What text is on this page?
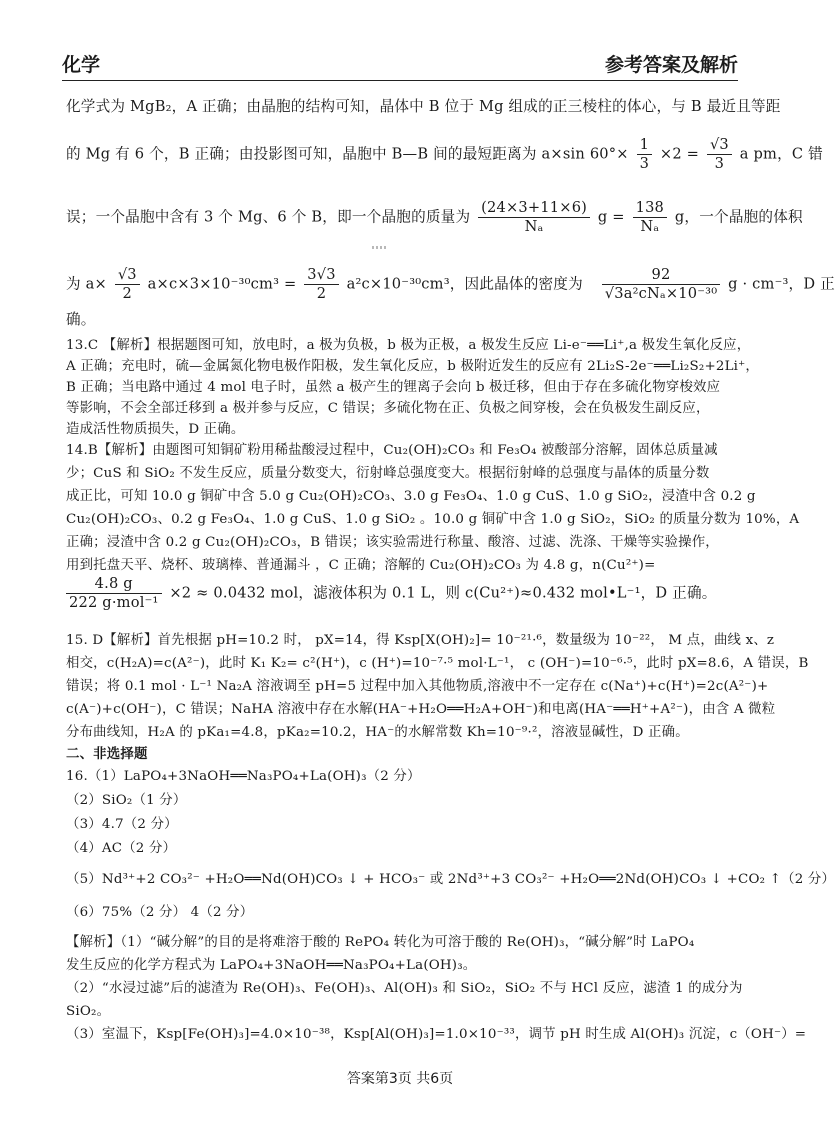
化学	参考答案及解析
化学式为 MgB₂，A 正确；由晶胞的结构可知，晶体中 B 位于 Mg 组成的正三棱柱的体心，与 B 最近且等距
的 Mg 有 6 个，B 正确；由投影图可知，晶胞中 B—B 间的最短距离为 a×sin $60^\circ\times \frac{1}{3} \times 2 = \frac{√3}{3}$ a pm，C 错
误；一个晶胞中含有 3 个 Mg、6 个 B，即一个晶胞的质量为 $\frac{(24\times 3+11\times 6)}{\text{Nₐ}}$ $g = \frac{138}{\text{Nₐ}}$ g，一个晶胞的体积
为 $a\times \frac{√3}{2} a\times c\times 3\times 10^{-30}cm^3 = \frac{3√3}{2} a^2c\times 10^{-30}cm^3$，因此晶体的密度为 $\frac{92}{\text{√3a²cNₐ×10⁻³⁰}}$ g · cm⁻³，D 正
确。
13.C 【解析】根据题图可知，放电时，a 极为负极，b 极为正极，a 极发生反应 Li-e⁻══Li⁺,a 极发生氧化反应，
A 正确；充电时，硫—金属氮化物电极作阳极，发生氧化反应，b 极附近发生的反应有 2Li₂S-2e⁻══Li₂S₂+2Li⁺，
B 正确；当电路中通过 4 mol 电子时，虽然 a 极产生的锂离子会向 b 极迁移，但由于存在多硫化物穿梭效应
等影响，不会全部迁移到 a 极并参与反应，C 错误；多硫化物在正、负极之间穿梭，会在负极发生副反应，
造成活性物质损失，D 正确。
14.B【解析】由题图可知铜矿粉用稀盐酸浸过程中，Cu₂(OH)₂CO₃ 和 Fe₃O₄ 被酸部分溶解，固体总质量减
少；CuS 和 SiO₂ 不发生反应，质量分数变大，衍射峰总强度变大。根据衍射峰的总强度与晶体的质量分数
成正比，可知 10.0 g 铜矿中含 5.0 g Cu₂(OH)₂CO₃、3.0 g Fe₃O₄、1.0 g CuS、1.0 g SiO₂，浸渣中含 0.2 g
Cu₂(OH)₂CO₃、0.2 g Fe₃O₄、1.0 g CuS、1.0 g SiO₂ 。10.0 g 铜矿中含 1.0 g SiO₂，SiO₂ 的质量分数为 10%，A
正确；浸渣中含 0.2 g Cu₂(OH)₂CO₃，B 错误；该实验需进行称量、酸溶、过滤、洗涤、干燥等实验操作，
用到托盘天平、烧杯、玻璃棒、普通漏斗 ，C 正确；溶解的 Cu₂(OH)₂CO₃ 为 4.8 g，n(Cu²⁺)=
$\frac{4.8 g}{\text{222 g·mol⁻¹}} \times 2 \approx 0.0432$ mol，滤液体积为 0.1 L，则 c(Cu²⁺)≈0.432 mol•L⁻¹，D 正确。
15. D【解析】首先根据 pH=10.2 时， pX=14，得 Ksp[X(OH)₂]= 10⁻²¹·⁶，数量级为 10⁻²²， M 点，曲线 x、z
相交，c(H₂A)=c(A²⁻)，此时 K₁ K₂= c²(H⁺)，c (H⁺)=10⁻⁷·⁵ mol·L⁻¹， c (OH⁻)=10⁻⁶·⁵，此时 pX=8.6，A 错误，B
错误；将 0.1 mol · L⁻¹ Na₂A 溶液调至 pH=5 过程中加入其他物质,溶液中不一定存在 c(Na⁺)+c(H⁺)=2c(A²⁻)+
c(A⁻)+c(OH⁻)，C 错误；NaHA 溶液中存在水解(HA⁻+H₂O══H₂A+OH⁻)和电离(HA⁻══H⁺+A²⁻)，由含 A 微粒
分布曲线知，H₂A 的 pKa₁=4.8，pKa₂=10.2，HA⁻的水解常数 Kh=10⁻⁹·²，溶液显碱性，D 正确。
二、非选择题
16.（1）LaPO₄+3NaOH══Na₃PO₄+La(OH)₃（2 分）
（2）SiO₂（1 分）
（3）4.7（2 分）
（4）AC（2 分）
（5）Nd³⁺+2 CO₃²⁻ +H₂O══Nd(OH)CO₃ ↓ + HCO₃⁻ 或 2Nd³⁺+3 CO₃²⁻ +H₂O══2Nd(OH)CO₃ ↓ +CO₂ ↑（2 分）
（6）75%（2 分） 4（2 分）
【解析】（1）“碱分解”的目的是将难溶于酸的 RePO₄ 转化为可溶于酸的 Re(OH)₃，“碱分解”时 LaPO₄
发生反应的化学方程式为 LaPO₄+3NaOH══Na₃PO₄+La(OH)₃。
（2）“水浸过滤”后的滤渣为 Re(OH)₃、Fe(OH)₃、Al(OH)₃ 和 SiO₂，SiO₂ 不与 HCl 反应，滤渣 1 的成分为
SiO₂。
（3）室温下，Ksp[Fe(OH)₃]=4.0×10⁻³⁸，Ksp[Al(OH)₃]=1.0×10⁻³³，调节 pH 时生成 Al(OH)₃ 沉淀，c（OH⁻）=
答案第3页 共6页
